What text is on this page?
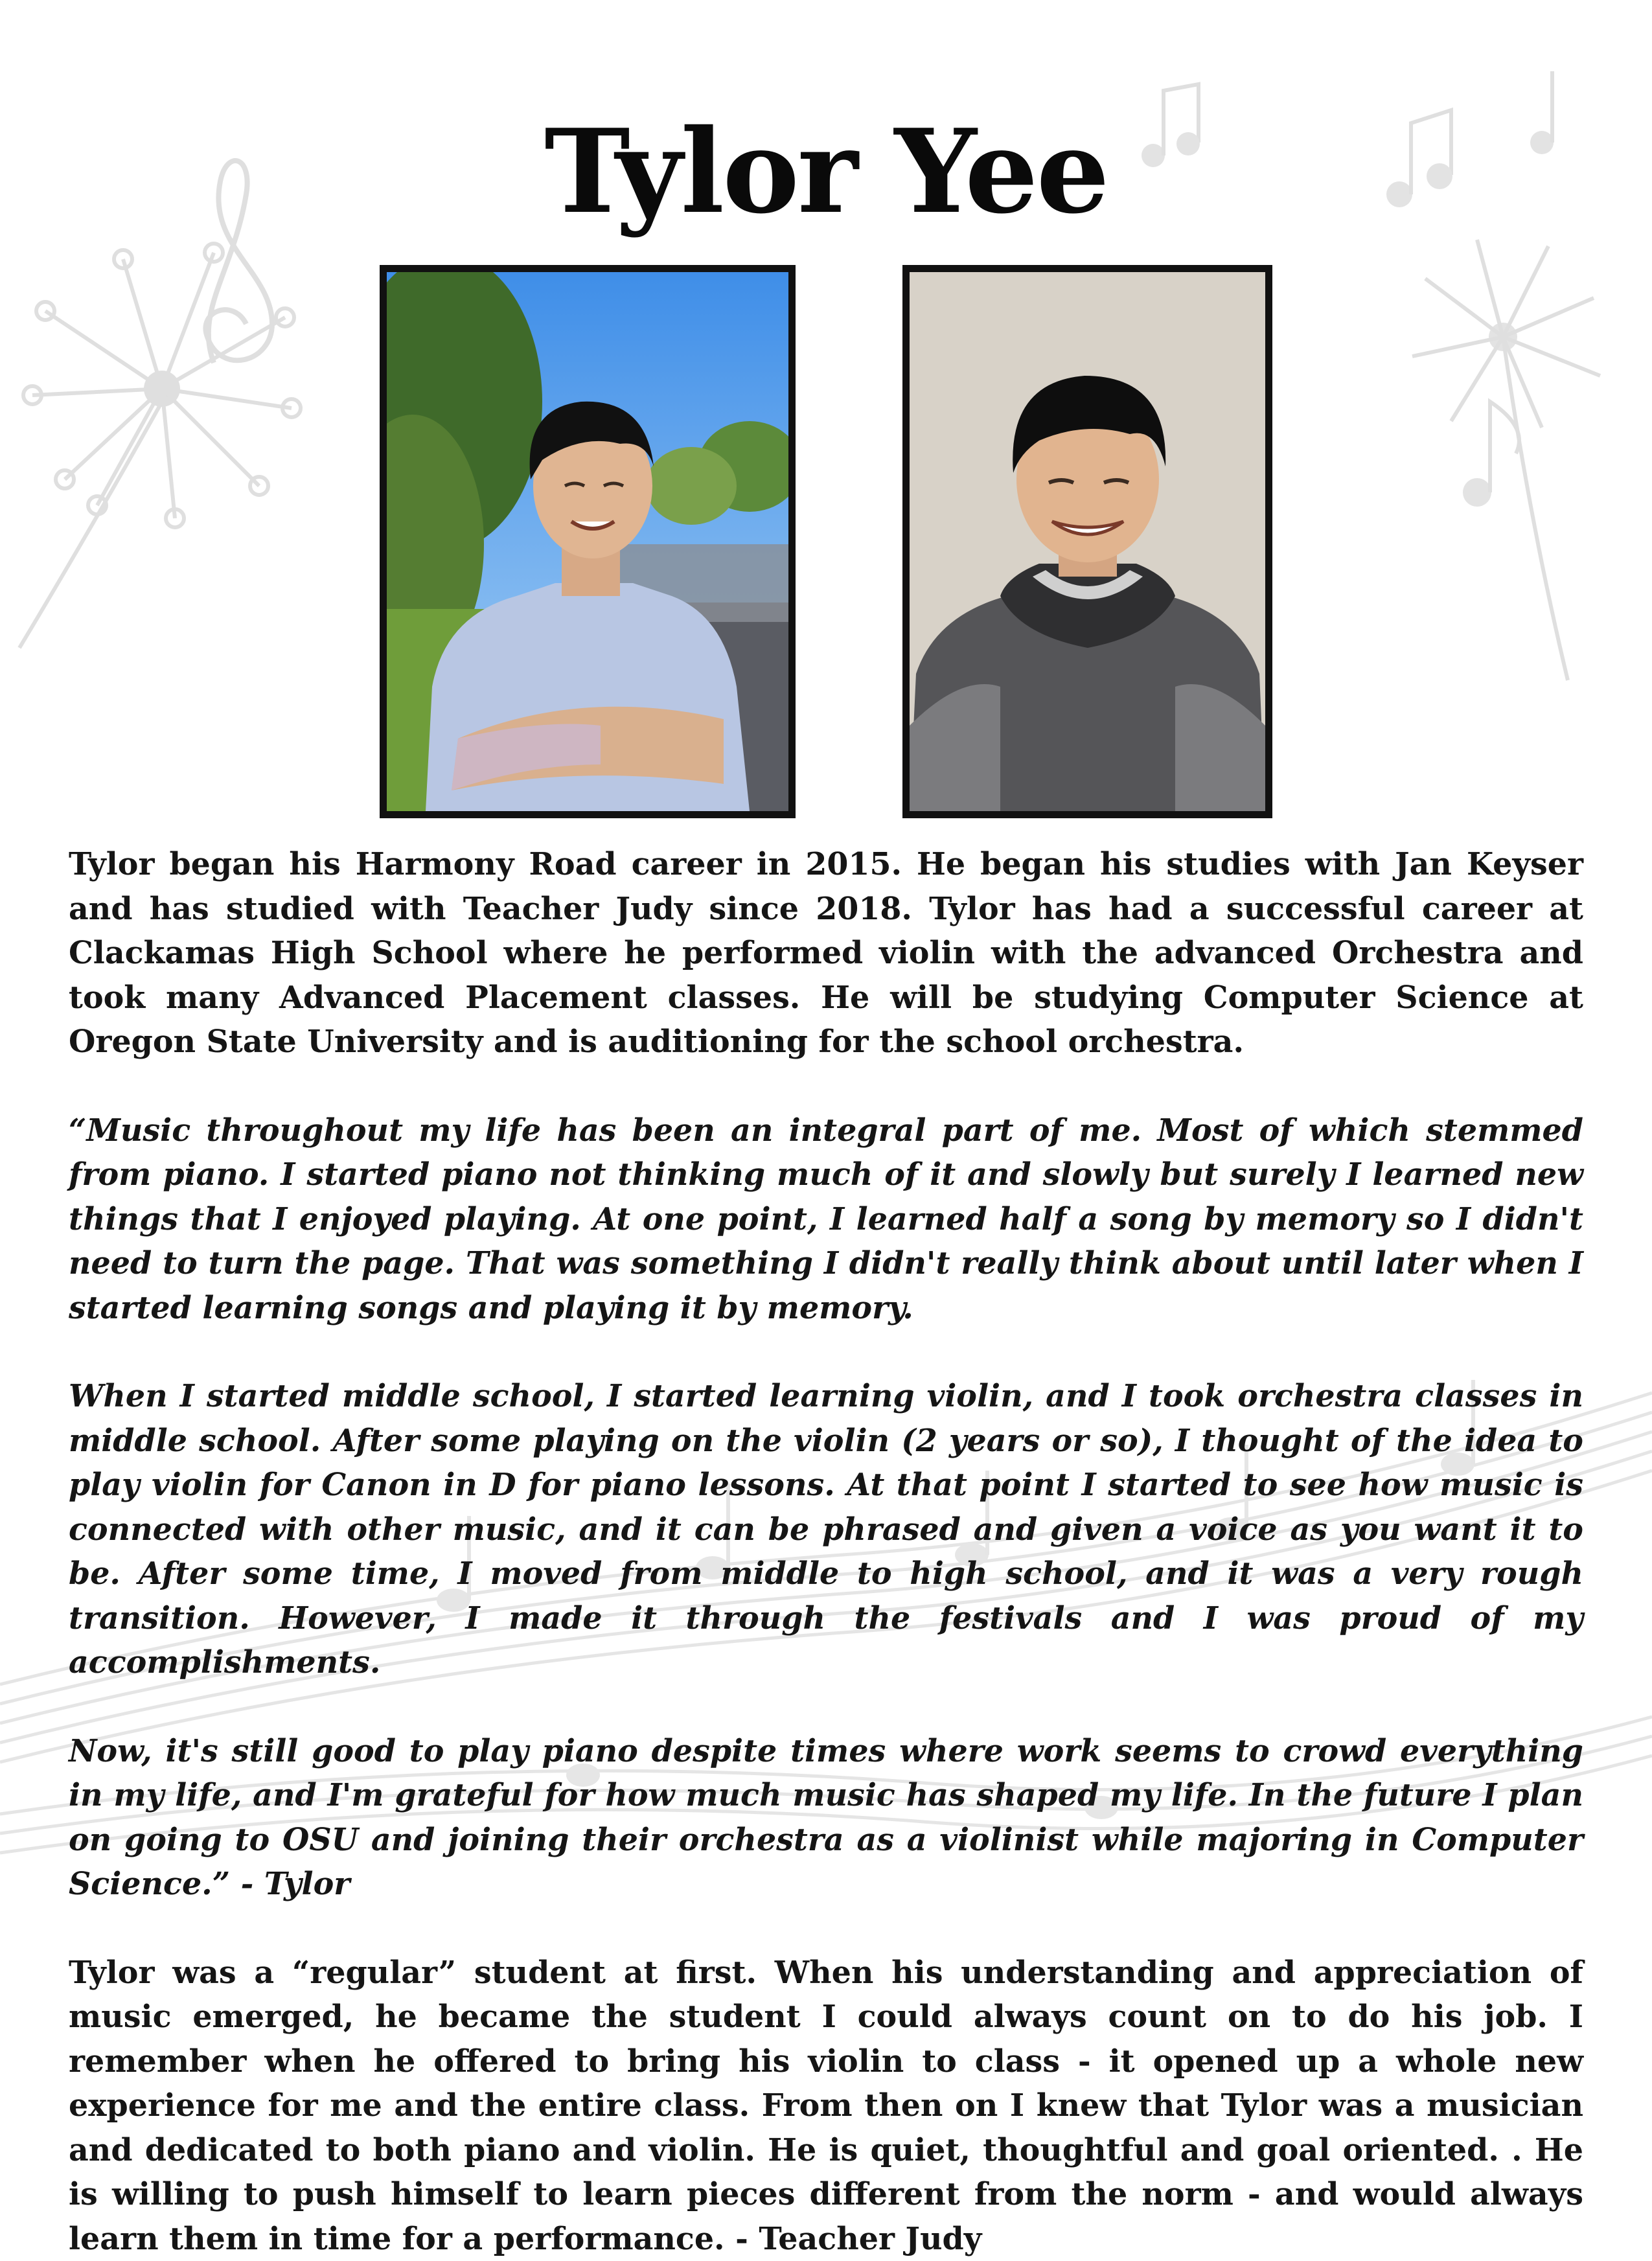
Tylor Yee

Tylor began his Harmony Road career in 2015. He began his studies with Jan Keyser and has studied with Teacher Judy since 2018. Tylor has had a successful career at Clackamas High School where he performed violin with the advanced Orchestra and took many Advanced Placement classes. He will be studying Computer Science at Oregon State University and is auditioning for the school orchestra.

“Music throughout my life has been an integral part of me. Most of which stemmed from piano. I started piano not thinking much of it and slowly but surely I learned new things that I enjoyed playing. At one point, I learned half a song by memory so I didn't need to turn the page. That was something I didn't really think about until later when I started learning songs and playing it by memory.

When I started middle school, I started learning violin, and I took orchestra classes in middle school. After some playing on the violin (2 years or so), I thought of the idea to play violin for Canon in D for piano lessons. At that point I started to see how music is connected with other music, and it can be phrased and given a voice as you want it to be. After some time, I moved from middle to high school, and it was a very rough transition. However, I made it through the festivals and I was proud of my accomplishments.

Now, it's still good to play piano despite times where work seems to crowd everything in my life, and I'm grateful for how much music has shaped my life. In the future I plan on going to OSU and joining their orchestra as a violinist while majoring in Computer Science.” - Tylor

Tylor was a “regular” student at first. When his understanding and appreciation of music emerged, he became the student I could always count on to do his job. I remember when he offered to bring his violin to class - it opened up a whole new experience for me and the entire class. From then on I knew that Tylor was a musician and dedicated to both piano and violin. He is quiet, thoughtful and goal oriented. . He is willing to push himself to learn pieces different from the norm - and would always learn them in time for a performance. - Teacher Judy
